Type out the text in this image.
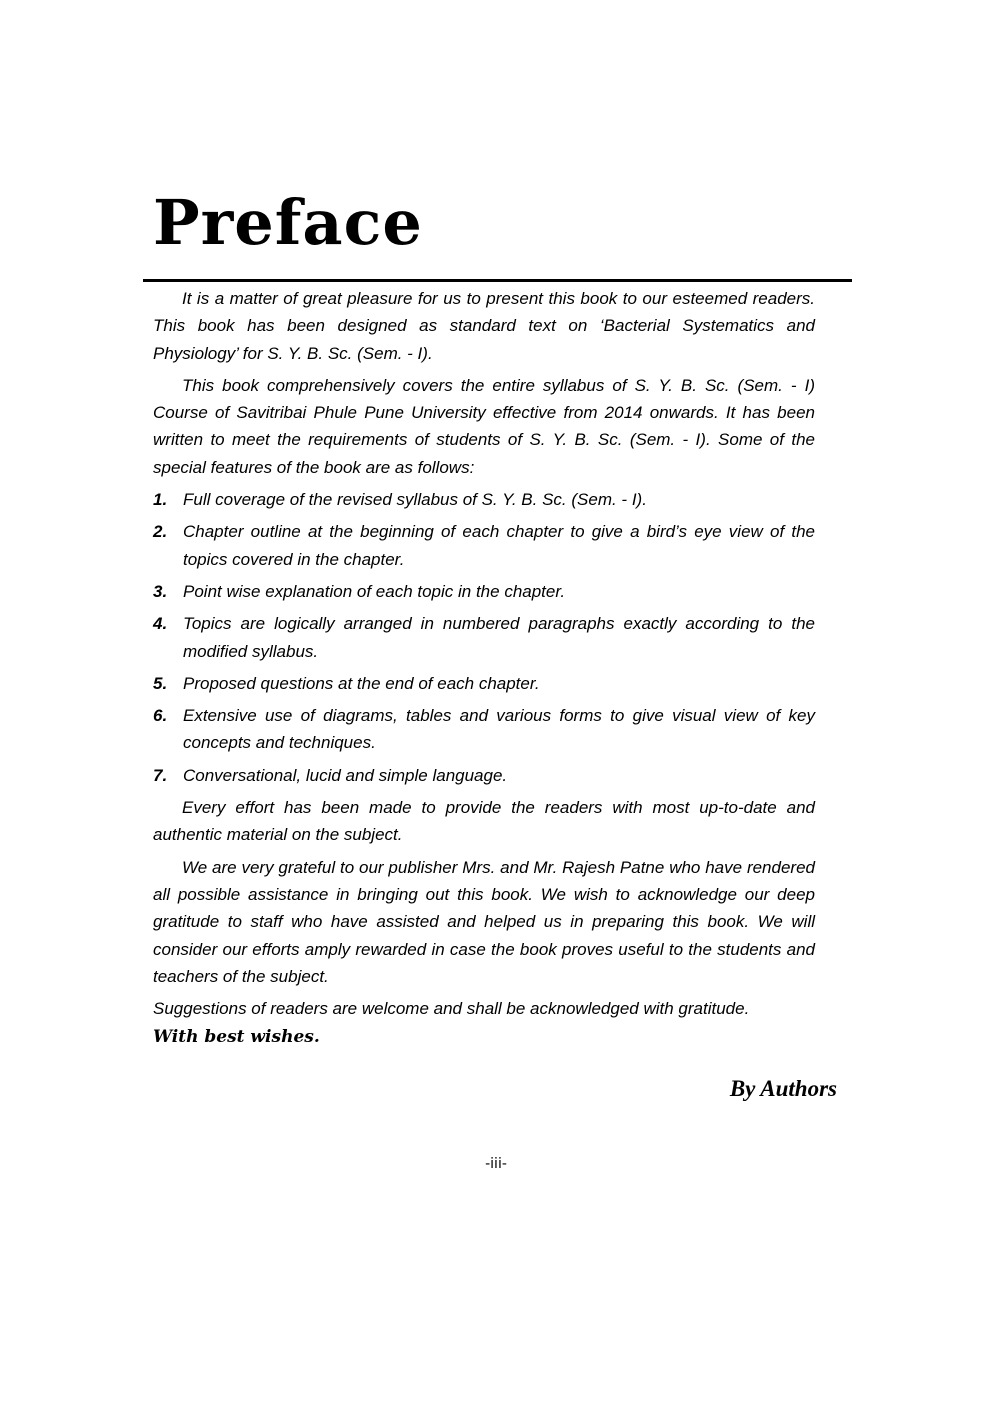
Preface

It is a matter of great pleasure for us to present this book to our esteemed readers. This book has been designed as standard text on ‘Bacterial Systematics and Physiology’ for S. Y. B. Sc. (Sem. - I).

This book comprehensively covers the entire syllabus of S. Y. B. Sc. (Sem. - I) Course of Savitribai Phule Pune University effective from 2014 onwards. It has been written to meet the requirements of students of S. Y. B. Sc. (Sem. - I). Some of the special features of the book are as follows:

1. Full coverage of the revised syllabus of S. Y. B. Sc. (Sem. - I).
2. Chapter outline at the beginning of each chapter to give a bird’s eye view of the topics covered in the chapter.
3. Point wise explanation of each topic in the chapter.
4. Topics are logically arranged in numbered paragraphs exactly according to the modified syllabus.
5. Proposed questions at the end of each chapter.
6. Extensive use of diagrams, tables and various forms to give visual view of key concepts and techniques.
7. Conversational, lucid and simple language.

Every effort has been made to provide the readers with most up-to-date and authentic material on the subject.

We are very grateful to our publisher Mrs. and Mr. Rajesh Patne who have rendered all possible assistance in bringing out this book. We wish to acknowledge our deep gratitude to staff who have assisted and helped us in preparing this book. We will consider our efforts amply rewarded in case the book proves useful to the students and teachers of the subject.

Suggestions of readers are welcome and shall be acknowledged with gratitude.

With best wishes.

By Authors
-iii-
